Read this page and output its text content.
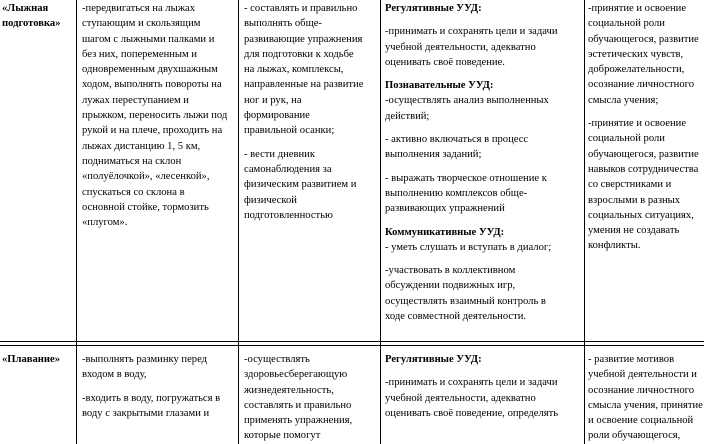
«Лыжная
подготовка»

-передвигаться на лыжах
ступающим и скользящим
шагом с лыжными палками и
без них, попеременным и
одновременным двухшажным
ходом, выполнять повороты на
лужах переступанием и
прыжком, переносить лыжи под
рукой и на плече, проходить на
лыжах дистанцию 1, 5 км,
подниматься на склон
«полуёлочкой», «лесенкой»,
спускаться со склона в
основной стойке, тормозить
«плугом».

- составлять и правильно
выполнять обще-
развивающие упражнения
для подготовки к ходьбе
на лыжах, комплексы,
направленные на развитие
ног и рук, на
формирование
правильной осанки;

- вести дневник
самонаблюдения за
физическим развитием и
физической
подготовленностью

Регулятивные УУД:

-принимать и сохранять цели и задачи
учебной деятельности, адекватно
оценивать своё поведение.

Познавательные УУД:

-осуществлять анализ выполненных
действий;

- активно включаться в процесс
выполнения заданий;

- выражать творческое отношение к
выполнению комплексов обще-
развивающих упражнений

Коммуникативные УУД:

- уметь слушать и вступать в диалог;

-участвовать в коллективном
обсуждении подвижных игр,
осуществлять взаимный контроль в
ходе совместной деятельности.

-принятие и освоение
социальной роли
обучающегося, развитие
эстетических чувств,
доброжелательности,
осознание личностного
смысла учения;

-принятие и освоение
социальной роли
обучающегося, развитие
навыков сотрудничества
со сверстниками и
взрослыми в разных
социальных ситуациях,
умения не создавать
конфликты.

«Плавание»	-выполнять разминку перед
входом в воду,

-входить в воду, погружаться в
воду с закрытыми глазами и

-осуществлять
здоровьесберегающую
жизнедеятельность,
составлять и правильно
применять упражнения,
которые помогут

Регулятивные УУД:

-принимать и сохранять цели и задачи
учебной деятельности, адекватно
оценивать своё поведение, определять

- развитие мотивов
учебной деятельности и
осознание личностного
смысла учения, принятие
и освоение социальной
роли обучающегося,
